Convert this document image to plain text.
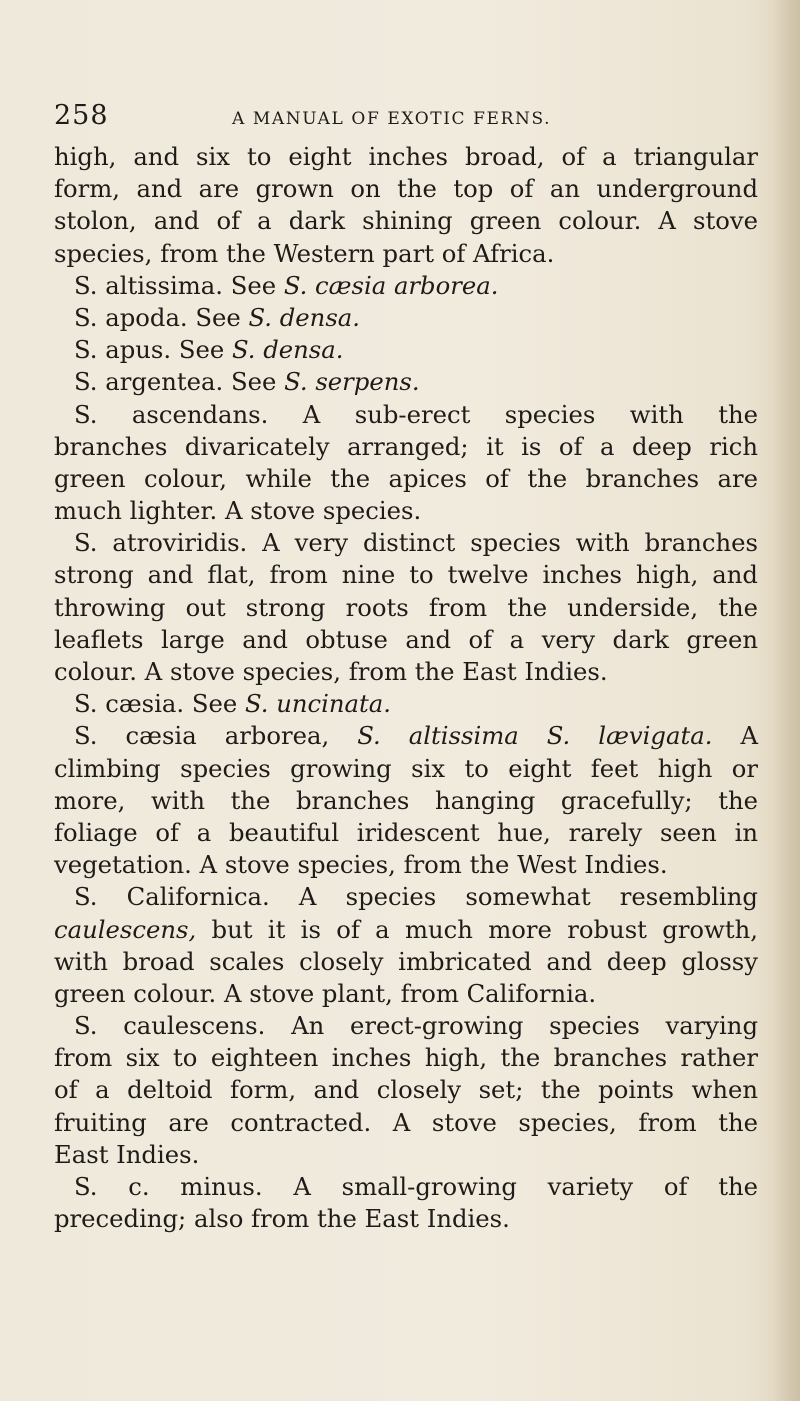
258	A MANUAL OF EXOTIC FERNS.
high, and six to eight inches broad, of a triangular
form, and are grown on the top of an underground
stolon, and of a dark shining green colour. A stove
species, from the Western part of Africa.
S. altissima. See S. cæsia arborea.
S. apoda. See S. densa.
S. apus. See S. densa.
S. argentea. See S. serpens.
S. ascendans. A sub-erect species with the
branches divaricately arranged; it is of a deep rich
green colour, while the apices of the branches are
much lighter. A stove species.
S. atroviridis. A very distinct species with branches
strong and flat, from nine to twelve inches high, and
throwing out strong roots from the underside, the
leaflets large and obtuse and of a very dark green
colour. A stove species, from the East Indies.
S. cæsia. See S. uncinata.
S. cæsia arborea, S. altissima S. lævigata. A
climbing species growing six to eight feet high or
more, with the branches hanging gracefully; the
foliage of a beautiful iridescent hue, rarely seen in
vegetation. A stove species, from the West Indies.
S. Californica. A species somewhat resembling
caulescens, but it is of a much more robust growth,
with broad scales closely imbricated and deep glossy
green colour. A stove plant, from California.
S. caulescens. An erect-growing species varying
from six to eighteen inches high, the branches rather
of a deltoid form, and closely set; the points when
fruiting are contracted. A stove species, from the
East Indies.
S. c. minus. A small-growing variety of the
preceding; also from the East Indies.
